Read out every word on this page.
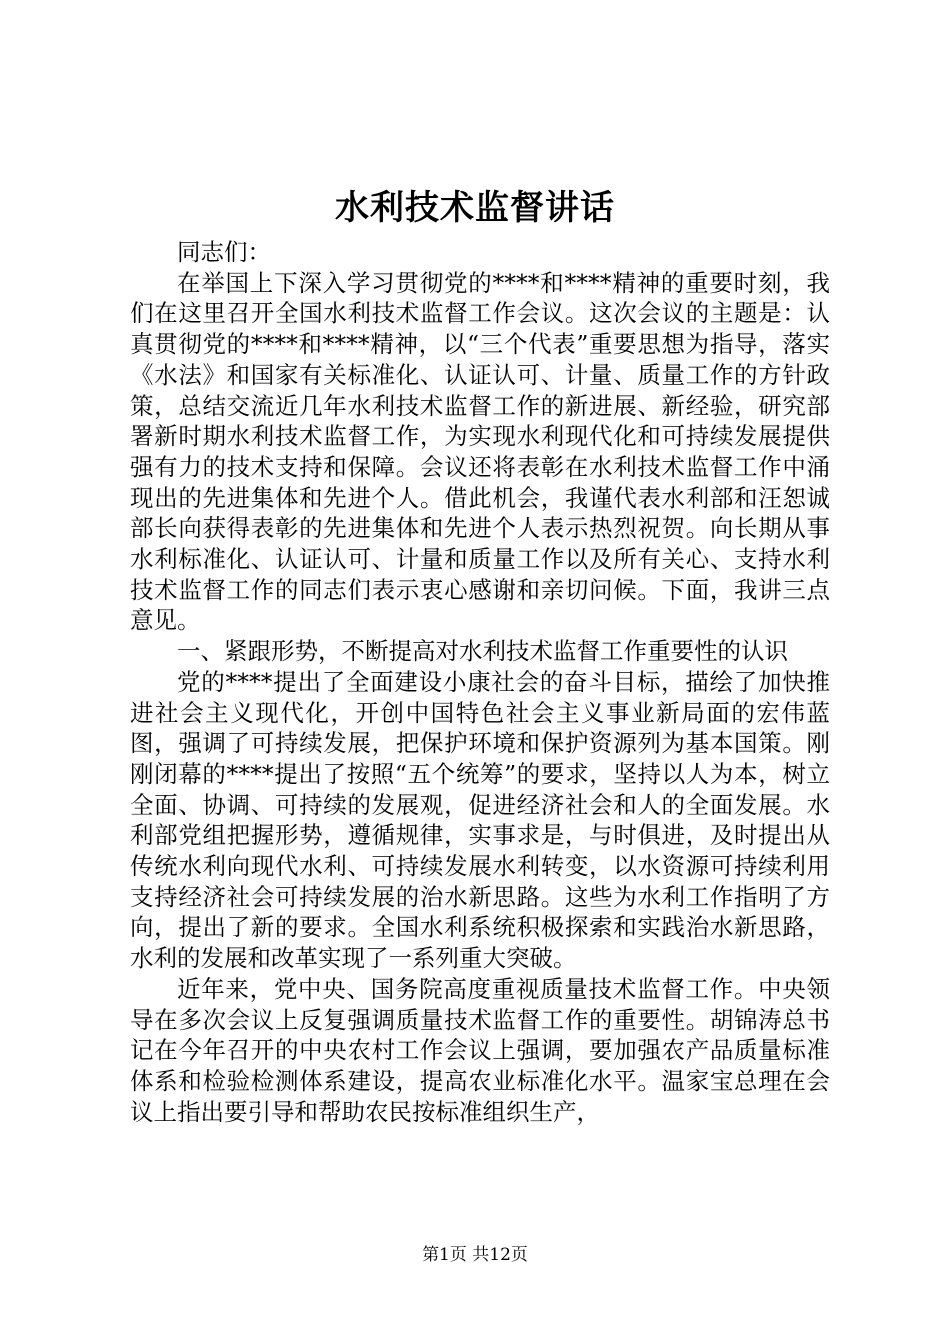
水利技术监督讲话

同志们：

在举国上下深入学习贯彻党的****和****精神的重要时刻，我们在这里召开全国水利技术监督工作会议。这次会议的主题是：认真贯彻党的****和****精神，以“三个代表”重要思想为指导，落实《水法》和国家有关标准化、认证认可、计量、质量工作的方针政策，总结交流近几年水利技术监督工作的新进展、新经验，研究部署新时期水利技术监督工作，为实现水利现代化和可持续发展提供强有力的技术支持和保障。会议还将表彰在水利技术监督工作中涌现出的先进集体和先进个人。借此机会，我谨代表水利部和汪恕诚部长向获得表彰的先进集体和先进个人表示热烈祝贺。向长期从事水利标准化、认证认可、计量和质量工作以及所有关心、支持水利技术监督工作的同志们表示衷心感谢和亲切问候。下面，我讲三点意见。

一、紧跟形势，不断提高对水利技术监督工作重要性的认识

党的****提出了全面建设小康社会的奋斗目标，描绘了加快推进社会主义现代化，开创中国特色社会主义事业新局面的宏伟蓝图，强调了可持续发展，把保护环境和保护资源列为基本国策。刚刚闭幕的****提出了按照“五个统筹”的要求，坚持以人为本，树立全面、协调、可持续的发展观，促进经济社会和人的全面发展。水利部党组把握形势，遵循规律，实事求是，与时俱进，及时提出从传统水利向现代水利、可持续发展水利转变，以水资源可持续利用支持经济社会可持续发展的治水新思路。这些为水利工作指明了方向，提出了新的要求。全国水利系统积极探索和实践治水新思路，水利的发展和改革实现了一系列重大突破。

近年来，党中央、国务院高度重视质量技术监督工作。中央领导在多次会议上反复强调质量技术监督工作的重要性。胡锦涛总书记在今年召开的中央农村工作会议上强调，要加强农产品质量标准体系和检验检测体系建设，提高农业标准化水平。温家宝总理在会议上指出要引导和帮助农民按标准组织生产，

第1页 共12页
